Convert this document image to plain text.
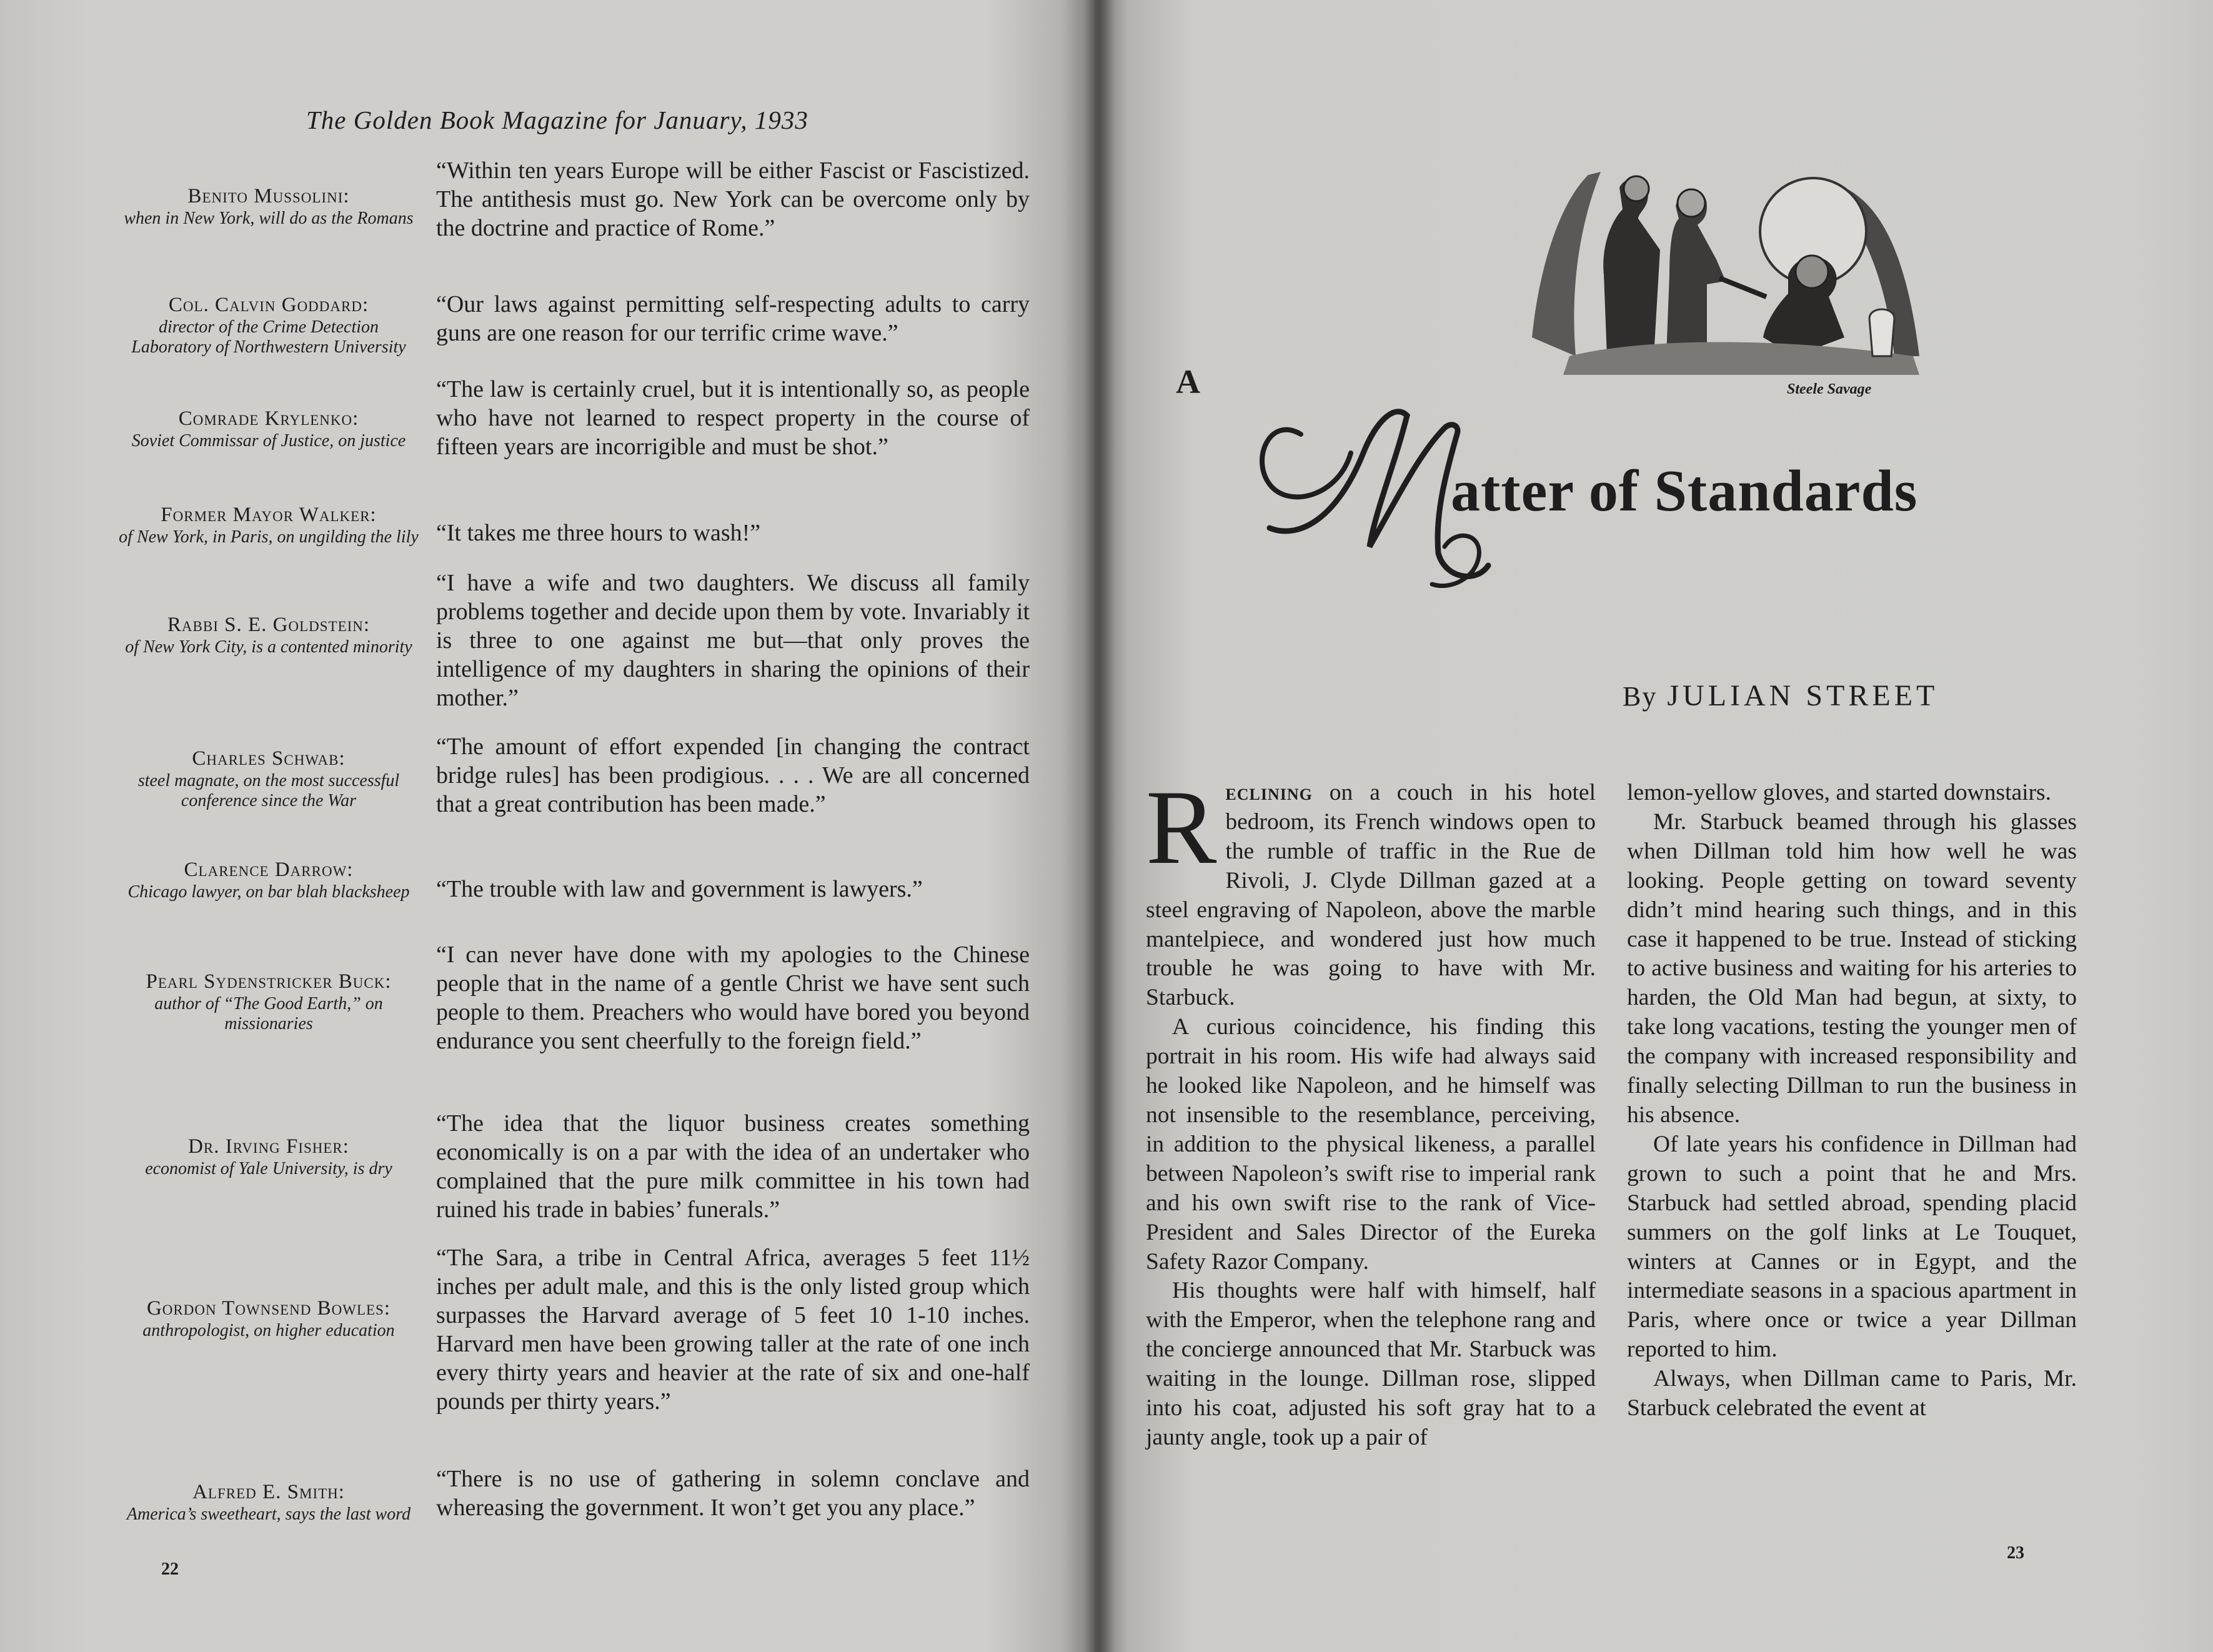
The Golden Book Magazine for January, 1933
Benito Mussolini:
when in New York, will do as the Romans
“Within ten years Europe will be either Fascist or Fascistized. The antithesis must go. New York can be overcome only by the doctrine and practice of Rome.”
Col. Calvin Goddard:
director of the Crime Detection Laboratory of Northwestern University
“Our laws against permitting self-respecting adults to carry guns are one reason for our terrific crime wave.”
Comrade Krylenko:
Soviet Commissar of Justice, on justice
“The law is certainly cruel, but it is intentionally so, as people who have not learned to respect property in the course of fifteen years are incorrigible and must be shot.”
Former Mayor Walker:
of New York, in Paris, on ungilding the lily “It takes me three hours to wash!”
Rabbi S. E. Goldstein:
of New York City, is a contented minority
“I have a wife and two daughters. We discuss all family problems together and decide upon them by vote. Invariably it is three to one against me but—that only proves the intelligence of my daughters in sharing the opinions of their mother.”
Charles Schwab:
steel magnate, on the most successful conference since the War
“The amount of effort expended [in changing the contract bridge rules] has been prodigious. . . . We are all concerned that a great contribution has been made.”
Clarence Darrow:
Chicago lawyer, on bar blah blacksheep	“The trouble with law and government is lawyers.”
Pearl Sydenstricker Buck:
author of “The Good Earth,” on missionaries
“I can never have done with my apologies to the Chinese people that in the name of a gentle Christ we have sent such people to them. Preachers who would have bored you beyond endurance you sent cheerfully to the foreign field.”
Dr. Irving Fisher:
economist of Yale University, is dry
“The idea that the liquor business creates something economically is on a par with the idea of an undertaker who complained that the pure milk committee in his town had ruined his trade in babies’ funerals.”
Gordon Townsend Bowles:
anthropologist, on higher education
“The Sara, a tribe in Central Africa, averages 5 feet 11½ inches per adult male, and this is the only listed group which surpasses the Harvard average of 5 feet 10 1-10 inches. Harvard men have been growing taller at the rate of one inch every thirty years and heavier at the rate of six and one-half pounds per thirty years.”
Alfred E. Smith:
America’s sweetheart, says the last word
“There is no use of gathering in solemn conclave and whereasing the government. It won’t get you any place.”
22
Steele Savage
A
M
atter of Standards
By JULIAN STREET

Reclining on a couch in his hotel bedroom, its French windows open to the rumble of traffic in the Rue de Rivoli, J. Clyde Dillman gazed at a steel engraving of Napoleon, above the marble mantelpiece, and wondered just how much trouble he was going to have with Mr. Starbuck.

A curious coincidence, his finding this portrait in his room. His wife had always said he looked like Napoleon, and he himself was not insensible to the resemblance, perceiving, in addition to the physical likeness, a parallel between Napoleon’s swift rise to imperial rank and his own swift rise to the rank of Vice-President and Sales Director of the Eureka Safety Razor Company.

His thoughts were half with himself, half with the Emperor, when the telephone rang and the concierge announced that Mr. Starbuck was waiting in the lounge. Dillman rose, slipped into his coat, adjusted his soft gray hat to a jaunty angle, took up a pair of

lemon-yellow gloves, and started downstairs.

Mr. Starbuck beamed through his glasses when Dillman told him how well he was looking. People getting on toward seventy didn’t mind hearing such things, and in this case it happened to be true. Instead of sticking to active business and waiting for his arteries to harden, the Old Man had begun, at sixty, to take long vacations, testing the younger men of the company with increased responsibility and finally selecting Dillman to run the business in his absence.

Of late years his confidence in Dillman had grown to such a point that he and Mrs. Starbuck had settled abroad, spending placid summers on the golf links at Le Touquet, winters at Cannes or in Egypt, and the intermediate seasons in a spacious apartment in Paris, where once or twice a year Dillman reported to him.

Always, when Dillman came to Paris, Mr. Starbuck celebrated the event at

23
